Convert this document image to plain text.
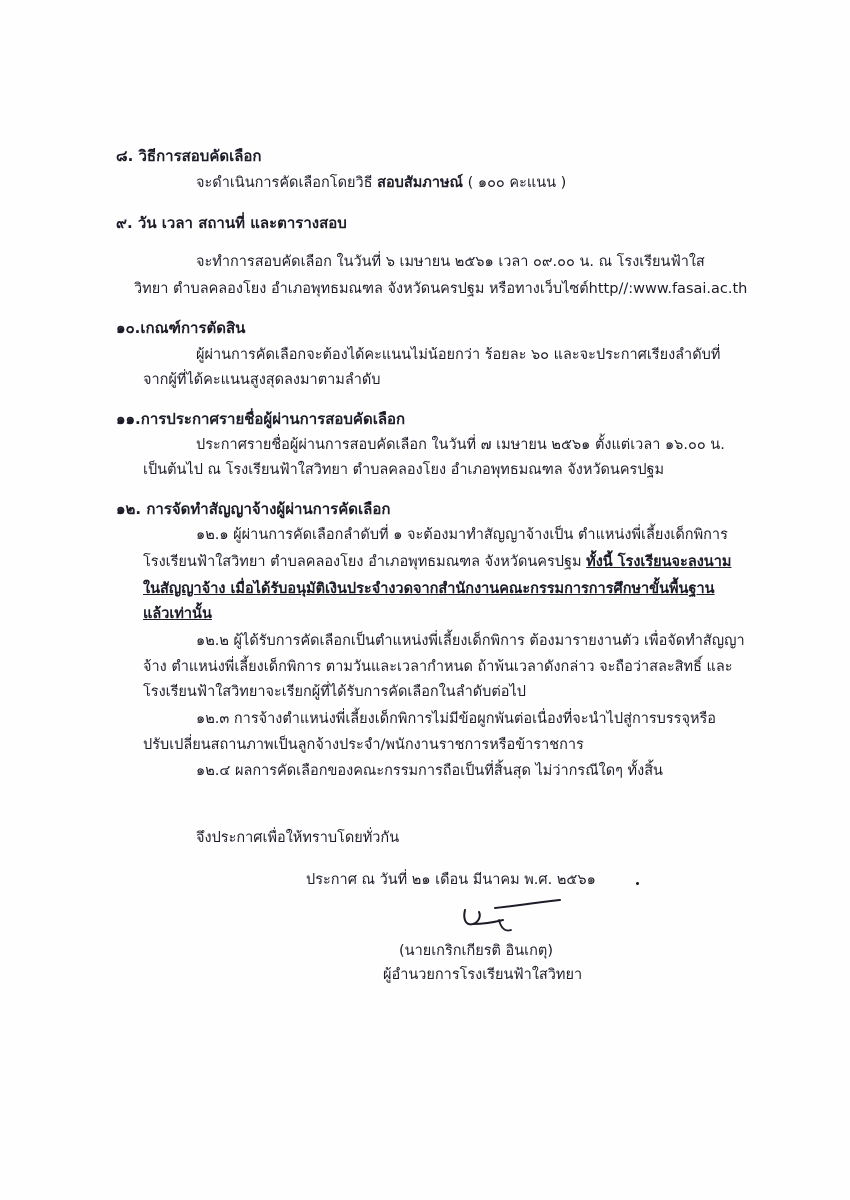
๘. วิธีการสอบคัดเลือก
จะดำเนินการคัดเลือกโดยวิธี สอบสัมภาษณ์ ( ๑๐๐ คะแนน )
๙. วัน เวลา สถานที่ และตารางสอบ
จะทำการสอบคัดเลือก ในวันที่ ๖ เมษายน ๒๕๖๑ เวลา ๐๙.๐๐ น. ณ โรงเรียนฟ้าใส
วิทยา ตำบลคลองโยง อำเภอพุทธมณฑล จังหวัดนครปฐม หรือทางเว็บไซต์http//:www.fasai.ac.th
๑๐.เกณฑ์การตัดสิน
ผู้ผ่านการคัดเลือกจะต้องได้คะแนนไม่น้อยกว่า ร้อยละ ๖๐ และจะประกาศเรียงลำดับที่
จากผู้ที่ได้คะแนนสูงสุดลงมาตามลำดับ
๑๑.การประกาศรายชื่อผู้ผ่านการสอบคัดเลือก
ประกาศรายชื่อผู้ผ่านการสอบคัดเลือก ในวันที่ ๗ เมษายน ๒๕๖๑ ตั้งแต่เวลา ๑๖.๐๐ น.
เป็นต้นไป ณ โรงเรียนฟ้าใสวิทยา ตำบลคลองโยง อำเภอพุทธมณฑล จังหวัดนครปฐม
๑๒. การจัดทำสัญญาจ้างผู้ผ่านการคัดเลือก
๑๒.๑ ผู้ผ่านการคัดเลือกลำดับที่ ๑ จะต้องมาทำสัญญาจ้างเป็น ตำแหน่งพี่เลี้ยงเด็กพิการ
โรงเรียนฟ้าใสวิทยา ตำบลคลองโยง อำเภอพุทธมณฑล จังหวัดนครปฐม ทั้งนี้ โรงเรียนจะลงนาม
ในสัญญาจ้าง เมื่อได้รับอนุมัติเงินประจำงวดจากสำนักงานคณะกรรมการการศึกษาขั้นพื้นฐาน
แล้วเท่านั้น
๑๒.๒ ผู้ได้รับการคัดเลือกเป็นตำแหน่งพี่เลี้ยงเด็กพิการ ต้องมารายงานตัว เพื่อจัดทำสัญญา
จ้าง ตำแหน่งพี่เลี้ยงเด็กพิการ ตามวันและเวลากำหนด ถ้าพ้นเวลาดังกล่าว จะถือว่าสละสิทธิ์ และ
โรงเรียนฟ้าใสวิทยาจะเรียกผู้ที่ได้รับการคัดเลือกในลำดับต่อไป
๑๒.๓ การจ้างตำแหน่งพี่เลี้ยงเด็กพิการไม่มีข้อผูกพันต่อเนื่องที่จะนำไปสู่การบรรจุหรือ
ปรับเปลี่ยนสถานภาพเป็นลูกจ้างประจำ/พนักงานราชการหรือข้าราชการ
๑๒.๔ ผลการคัดเลือกของคณะกรรมการถือเป็นที่สิ้นสุด ไม่ว่ากรณีใดๆ ทั้งสิ้น
จึงประกาศเพื่อให้ทราบโดยทั่วกัน
ประกาศ ณ วันที่ ๒๑ เดือน มีนาคม พ.ศ. ๒๕๖๑
(นายเกริกเกียรติ อินเกตุ)
ผู้อำนวยการโรงเรียนฟ้าใสวิทยา
